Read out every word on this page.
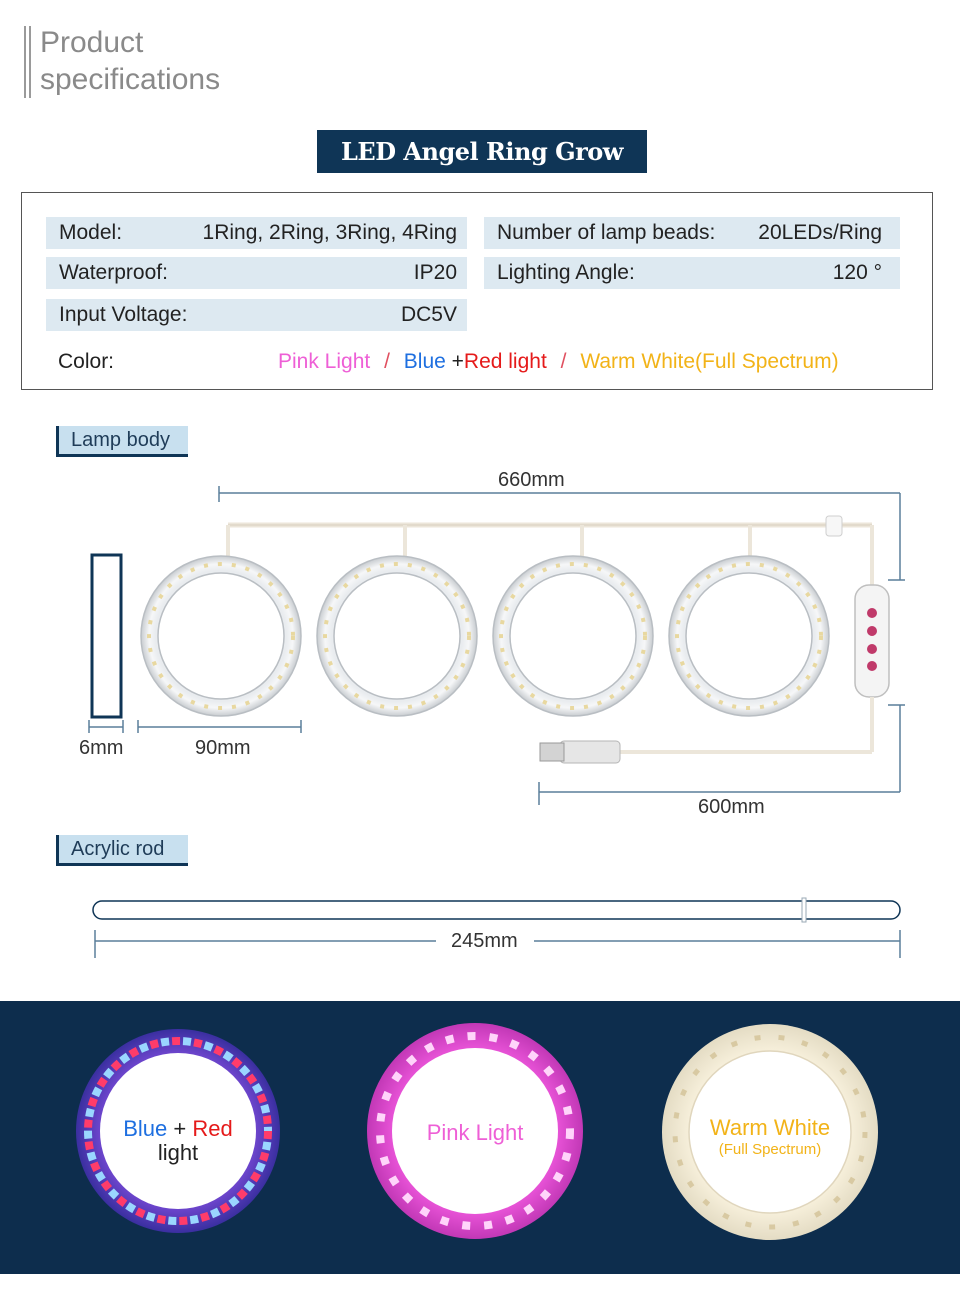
Product
specifications
LED Angel Ring Grow Light
Model:	1Ring, 2Ring, 3Ring, 4Ring Number of lamp beads: 20LEDs/Ring
Waterproof:	IP20 Lighting Angle:	120 °
Input Voltage:	DC5V
Color:	Pink Light / Blue +Red light / Warm White(Full Spectrum)
Lamp body
660mm
6mm	90mm
600mm
Acrylic rod
245mm
Blue + Red
light
Pink Light	Warm White
(Full Spectrum)
